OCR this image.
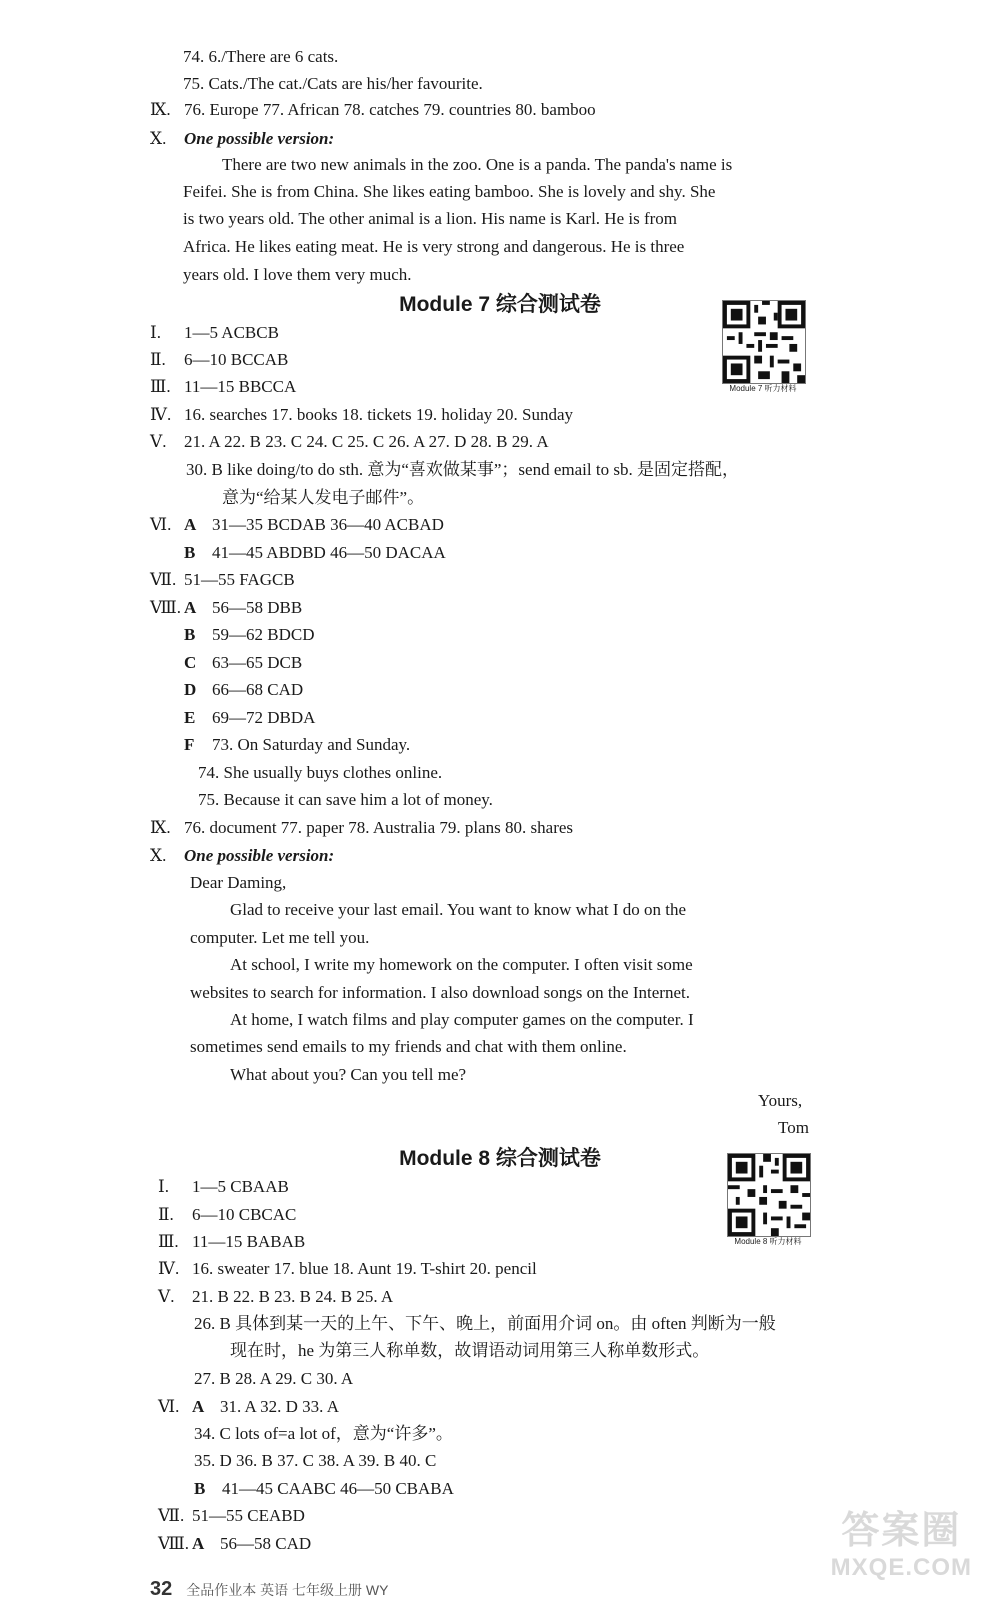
74. 6./There are 6 cats.
75. Cats./The cat./Cats are his/her favourite.
Ⅸ. 76. Europe 77. African 78. catches 79. countries 80. bamboo
Ⅹ. One possible version:
There are two new animals in the zoo. One is a panda. The panda's name is
Feifei. She is from China. She likes eating bamboo. She is lovely and shy. She
is two years old. The other animal is a lion. His name is Karl. He is from
Africa. He likes eating meat. He is very strong and dangerous. He is three
years old. I love them very much.
Module 7 综合测试卷
Module 7 听力材料
Ⅰ. 1—5 ACBCB
Ⅱ. 6—10 BCCAB
Ⅲ. 11—15 BBCCA
Ⅳ. 16. searches 17. books 18. tickets 19. holiday 20. Sunday
Ⅴ. 21. A 22. B 23. C 24. C 25. C 26. A 27. D 28. B 29. A
30. B like doing/to do sth. 意为“喜欢做某事”；send email to sb. 是固定搭配，
意为“给某人发电子邮件”。
Ⅵ. A 31—35 BCDAB 36—40 ACBAD
B 41—45 ABDBD 46—50 DACAA
Ⅶ. 51—55 FAGCB
Ⅷ. A 56—58 DBB
B 59—62 BDCD
C 63—65 DCB
D 66—68 CAD
E 69—72 DBDA
F 73. On Saturday and Sunday.
74. She usually buys clothes online.
75. Because it can save him a lot of money.
Ⅸ. 76. document 77. paper 78. Australia 79. plans 80. shares
Ⅹ. One possible version:
Dear Daming,
Glad to receive your last email. You want to know what I do on the
computer. Let me tell you.
At school, I write my homework on the computer. I often visit some
websites to search for information. I also download songs on the Internet.
At home, I watch films and play computer games on the computer. I
sometimes send emails to my friends and chat with them online.
What about you? Can you tell me?
Yours,
Tom
Module 8 综合测试卷
Module 8 听力材料
Ⅰ. 1—5 CBAAB
Ⅱ. 6—10 CBCAC
Ⅲ. 11—15 BABAB
Ⅳ. 16. sweater 17. blue 18. Aunt 19. T-shirt 20. pencil
Ⅴ. 21. B 22. B 23. B 24. B 25. A
26. B 具体到某一天的上午、下午、晚上，前面用介词 on。由 often 判断为一般
现在时，he 为第三人称单数，故谓语动词用第三人称单数形式。
27. B 28. A 29. C 30. A
Ⅵ. A 31. A 32. D 33. A
34. C lots of=a lot of，意为“许多”。
35. D 36. B 37. C 38. A 39. B 40. C
B 41—45 CAABC 46—50 CBABA
Ⅶ. 51—55 CEABD
Ⅷ. A 56—58 CAD
32 全品作业本 英语 七年级上册 WY
答案圈
MXQE.COM
